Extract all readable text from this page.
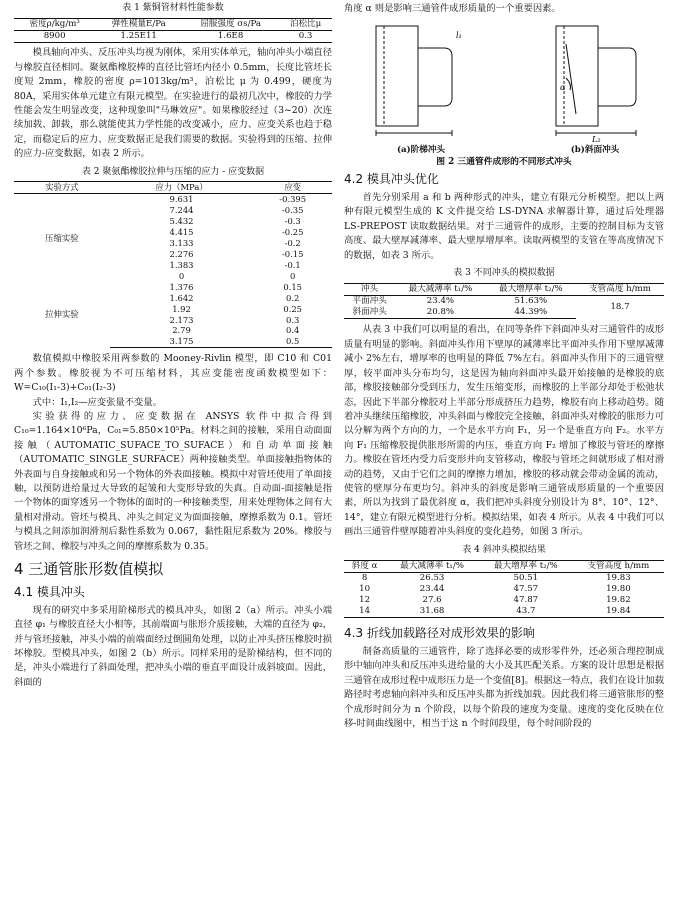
表 1 紫铜管材料性能参数
密度ρ/kg/m³	弹性模量E/Pa	屈服强度 σs/Pa	泊松比μ
8900	1.25E11	1.6E8	0.3

模具轴向冲头、反压冲头均视为刚体，采用实体单元，轴向冲头小端直径与橡胶直径相同。聚氨酯橡胶棒的直径比管坯内径小 0.5mm，长度比管坯长度短 2mm，橡胶的密度 ρ=1013kg/m³，泊松比 μ 为 0.499，硬度为 80A，采用实体单元建立有限元模型。在实验进行的最初几次中，橡胶的力学性能会发生明显改变，这种现象叫"马琳效应"。如果橡胶经过（3~20）次连续加载、卸载，那么就能使其力学性能的改变减小，应力、应变关系也趋于稳定，而稳定后的应力、应变数据正是我们需要的数据。实验得到的压缩、拉伸的应力-应变数据，如表 2 所示。

表 2 聚氨酯橡胶拉伸与压缩的应力 - 应变数据
实验方式	应力（MPa）	应变
压缩实验	9.631	-0.395
	7.244	-0.35
	5.432	-0.3
	4.415	-0.25
	3.133	-0.2
	2.276	-0.15
	1.383	-0.1
	0	0
拉伸实验	1.376	0.15
	1.642	0.2
	1.92	0.25
	2.173	0.3
	2.79	0.4
	3.175	0.5

数值模拟中橡胶采用两参数的 Mooney-Rivlin 模型，即 C10 和 C01 两个参数。橡胶视为不可压缩材料，其应变能密度函数模型如下：W=C₁₀(I₁-3)+C₀₁(I₂-3)

式中：I₁,I₂—应变张量不变量。

实验获得的应力、应变数据在 ANSYS 软件中拟合得到 C₁₀=1.164×10⁶Pa，C₀₁=5.850×10⁵Pa。材料之间的接触，采用自动面面接触（AUTOMATIC_SUFACE_TO_SUFACE）和自动单面接触（AUTOMATIC_SINGLE_SURFACE）两种接触类型。单面接触指物体的外表面与自身接触或和另一个物体的外表面接触。模拟中对管坯使用了单面接触，以预防进给量过大导致的起皱和大变形导致的失真。自动面-面接触是指一个物体的面穿透另一个物体的面时的一种接触类型，用来处理物体之间有大量相对滑动。管坯与模具、冲头之间定义为面面接触，摩擦系数为 0.1。管坯与模具之间添加润滑剂后黏性系数为 0.067，黏性阻尼系数为 20%。橡胶与管坯之间、橡胶与冲头之间的摩擦系数为 0.35。

4 三通管胀形数值模拟
4.1 模具冲头

现有的研究中多采用阶梯形式的模具冲头，如图 2（a）所示。冲头小端直径 φ₁ 与橡胶直径大小相等，其前端面与胀形介质接触，大端的直径为 φ₂，并与管坯接触，冲头小端的前端面经过倒圆角处理，以防止冲头挤压橡胶时损坏橡胶。型模具冲头，如图 2（b）所示。同样采用的是阶梯结构，但不同的是，冲头小端进行了斜面处理，把冲头小端的垂直平面设计成斜坡面。因此，斜面的

角度 α 则是影响三通管件成形质量的一个重要因素。

l₁
L₂
α
(a)阶梯冲头	(b)斜面冲头
图 2 三通管件成形的不同形式冲头
4.2 模具冲头优化

首先分别采用 a 和 b 两种形式的冲头，建立有限元分析模型。把以上两种有限元模型生成的 K 文件提交给 LS-DYNA 求解器计算，通过后处理器 LS-PREPOST 读取数据结果。对于三通管件的成形，主要的控制目标为支管高度、最大壁厚减薄率、最大壁厚增厚率。读取两模型的支管在等高度情况下的数据，如表 3 所示。

表 3 不同冲头的模拟数据
冲头	最大减薄率 t₁/%	最大增厚率 t₂/%	支管高度 h/mm
平面冲头	23.4%	51.63%	18.7
斜面冲头	20.8%	44.39%	

从表 3 中我们可以明显的看出，在同等条件下斜面冲头对三通管件的成形质量有明显的影响。斜面冲头作用下壁厚的减薄率比平面冲头作用下壁厚减薄减小 2%左右，增厚率的也明显的降低 7%左右。斜面冲头作用下的三通管壁厚，较平面冲头分布均匀，这是因为轴向斜面冲头最开始接触的是橡胶的底部，橡胶接触部分受到压力，发生压缩变形，而橡胶的上半部分却处于松弛状态，因此下半部分橡胶对上半部分形成挤压力趋势，橡胶有向上移动趋势。随着冲头继续压缩橡胶，冲头斜面与橡胶完全接触，斜面冲头对橡胶的胀形力可以分解为两个方向的力，一个是水平方向 F₁，另一个是垂直方向 F₂。水平方向 F₁ 压缩橡胶提供胀形所需的内压，垂直方向 F₂ 增加了橡胶与管坯的摩擦力。橡胶在管坯内受力后变形并向支管移动，橡胶与管坯之间就形成了相对滑动的趋势，又由于它们之间的摩擦力增加，橡胶的移动就会带动金属的流动，使管的壁厚分布更均匀。斜冲头的斜度是影响三通管成形质量的一个重要因素，所以为找到了最优斜度 α，我们把冲头斜度分别设计为 8°、10°、12°、14°，建立有限元模型进行分析。模拟结果，如表 4 所示。从表 4 中我们可以画出三通管件壁厚随着冲头斜度的变化趋势，如图 3 所示。

表 4 斜冲头模拟结果
斜度 α	最大减薄率 t₁/%	最大增厚率 t₂/%	支管高度 h/mm
8	26.53	50.51	19.83
10	23.44	47.57	19.80
12	27.6	47.87	19.82
14	31.68	43.7	19.84
4.3 折线加载路径对成形效果的影响

制备高质量的三通管件，除了选择必要的成形零件外，还必须合理控制成形中轴向冲头和反压冲头进给量的大小及其匹配关系。方案的设计思想是根据三通管在成形过程中成形压力是一个变值[8]。根据这一特点，我们在设计加载路径时考虑轴向斜冲头和反压冲头都为折线加载。因此我们将三通管胀形的整个成形时间分为 n 个阶段，以每个阶段的速度为变量。速度的变化反映在位移-时间曲线图中，相当于这 n 个时间段里，每个时间阶段的
